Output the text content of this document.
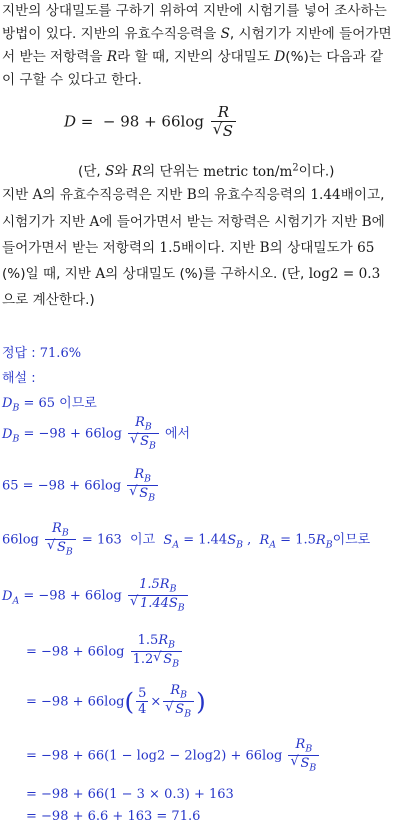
지반의 상대밀도를 구하기 위하여 지반에 시험기를 넣어 조사하는
방법이 있다. 지반의 유효수직응력을 S, 시험기가 지반에 들어가면
서 받는 저항력을 R라 할 때, 지반의 상대밀도 D(%)는 다음과 같
이 구할 수 있다고 한다.
D =  − 98 + 66log R
√ S
(단, S와 R의 단위는 metric ton/$m^2$이다.)
지반 A의 유효수직응력은 지반 B의 유효수직응력의 1.44배이고,
시험기가 지반 A에 들어가면서 받는 저항력은 시험기가 지반 B에
들어가면서 받는 저항력의 1.5배이다. 지반 B의 상대밀도가 65
(%)일 때, 지반 A의 상대밀도 (%)를 구하시오. (단, log2 = 0.3
으로 계산한다.)
정답 : 71.6%
해설 :
$D_B = 65$ 이므로
$D_B = -98 + 66\log$ $R_B$
√ $S_B$ 에서
65 = −98 + 66log $R_B$
√ $S_B$
66log $R_B$
√ $S_B = 163$ 이고 $S_A = 1.44S_B$ ,  $R_A = 1.5R_B$이므로
$D_A = -98 + 66\log$ $1.5R_B$
√ $1.44S_B$
= $-98 + 66\log \frac{1.5R_B}{1.2√ S_B}$
= $-98 + 66\log( \frac{5}{4} \times R_B$
√ $S_B$ )
= −98 + 66(1 − log2 − 2log2) + 66log $R_B$
√ $S_B$
= −98 + 66(1 − 3 × 0.3) + 163
= −98 + 6.6 + 163 = 71.6
